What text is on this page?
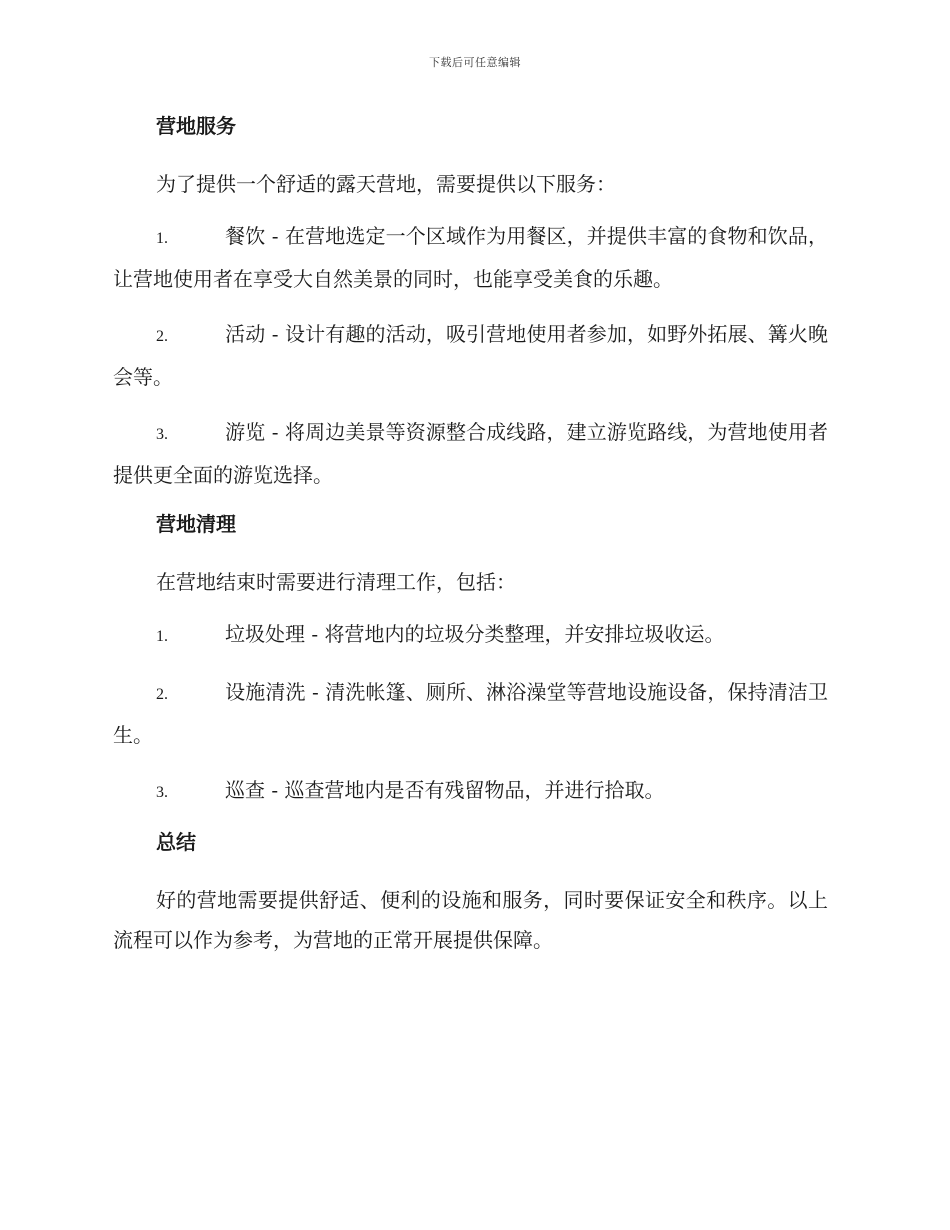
下载后可任意编辑
营地服务

为了提供一个舒适的露天营地，需要提供以下服务：

1.	餐饮 - 在营地选定一个区域作为用餐区，并提供丰富的食物和饮品，让营地使用者在享受大自然美景的同时，也能享受美食的乐趣。

2.	活动 - 设计有趣的活动，吸引营地使用者参加，如野外拓展、篝火晚会等。

3.	游览 - 将周边美景等资源整合成线路，建立游览路线，为营地使用者提供更全面的游览选择。

营地清理

在营地结束时需要进行清理工作，包括：

1.	垃圾处理 - 将营地内的垃圾分类整理，并安排垃圾收运。

2.	设施清洗 - 清洗帐篷、厕所、淋浴澡堂等营地设施设备，保持清洁卫生。

3.	巡查 - 巡查营地内是否有残留物品，并进行拾取。

总结

好的营地需要提供舒适、便利的设施和服务，同时要保证安全和秩序。以上流程可以作为参考，为营地的正常开展提供保障。
